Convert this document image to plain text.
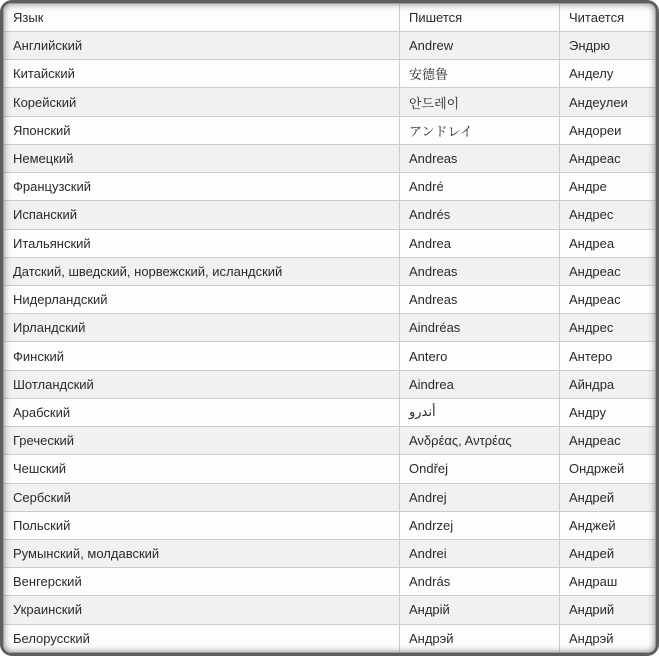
Язык	Пишется	Читается
Английский	Andrew	Эндрю
Китайский	安德鲁	Анделу
Корейский	안드레이	Андеулеи
Японский	アンドレイ	Андореи
Немецкий	Andreas	Андреас
Французский	André	Андре
Испанский	Andrés	Андрес
Итальянский	Andrea	Андреа
Датский, шведский, норвежский, исландский	Andreas	Андреас
Нидерландский	Andreas	Андреас
Ирландский	Aindréas	Андрес
Финский	Antero	Антеро
Шотландский	Aindrea	Айндра
Арабский	أندرو	Андру
Греческий	Ανδρέας, Αντρέας	Андреас
Чешский	Ondřej	Ондржей
Сербский	Andrej	Андрей
Польский	Andrzej	Анджей
Румынский, молдавский	Andrei	Андрей
Венгерский	András	Андраш
Украинский	Андрій	Андрий
Белорусский	Андрэй	Андрэй
